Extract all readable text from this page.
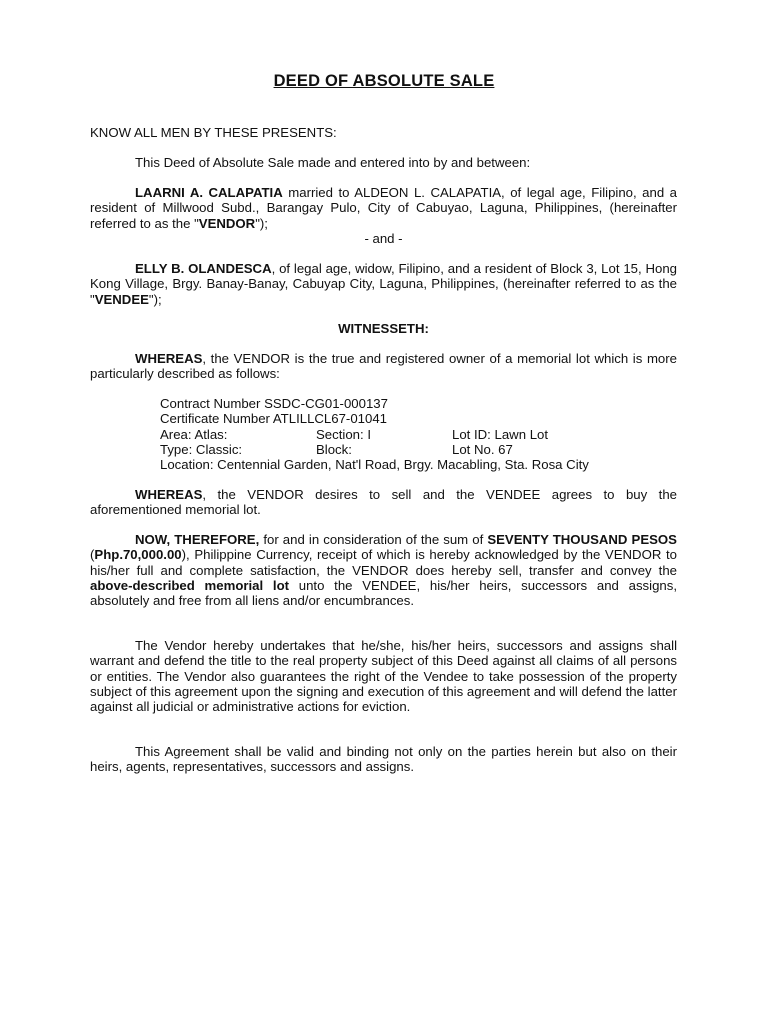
DEED OF ABSOLUTE SALE

KNOW ALL MEN BY THESE PRESENTS:

This Deed of Absolute Sale made and entered into by and between:

LAARNI A. CALAPATIA married to ALDEON L. CALAPATIA, of legal age, Filipino, and a resident of Millwood Subd., Barangay Pulo, City of Cabuyao, Laguna, Philippines, (hereinafter referred to as the "VENDOR");

- and -

ELLY B. OLANDESCA, of legal age, widow, Filipino, and a resident of Block 3, Lot 15, Hong Kong Village, Brgy. Banay-Banay, Cabuyap City, Laguna, Philippines, (hereinafter referred to as the "VENDEE");

WITNESSETH:

WHEREAS, the VENDOR is the true and registered owner of a memorial lot which is more particularly described as follows:

Contract Number SSDC-CG01-000137
Certificate Number ATLILLCL67-01041
Area: Atlas:	Section: I	Lot ID: Lawn Lot
Type: Classic:	Block:	Lot No. 67
Location: Centennial Garden, Nat'l Road, Brgy. Macabling, Sta. Rosa City

WHEREAS, the VENDOR desires to sell and the VENDEE agrees to buy the aforementioned memorial lot.

NOW, THEREFORE, for and in consideration of the sum of SEVENTY THOUSAND PESOS (Php.70,000.00), Philippine Currency, receipt of which is hereby acknowledged by the VENDOR to his/her full and complete satisfaction, the VENDOR does hereby sell, transfer and convey the above-described memorial lot unto the VENDEE, his/her heirs, successors and assigns, absolutely and free from all liens and/or encumbrances.

The Vendor hereby undertakes that he/she, his/her heirs, successors and assigns shall warrant and defend the title to the real property subject of this Deed against all claims of all persons or entities. The Vendor also guarantees the right of the Vendee to take possession of the property subject of this agreement upon the signing and execution of this agreement and will defend the latter against all judicial or administrative actions for eviction.

This Agreement shall be valid and binding not only on the parties herein but also on their heirs, agents, representatives, successors and assigns.
